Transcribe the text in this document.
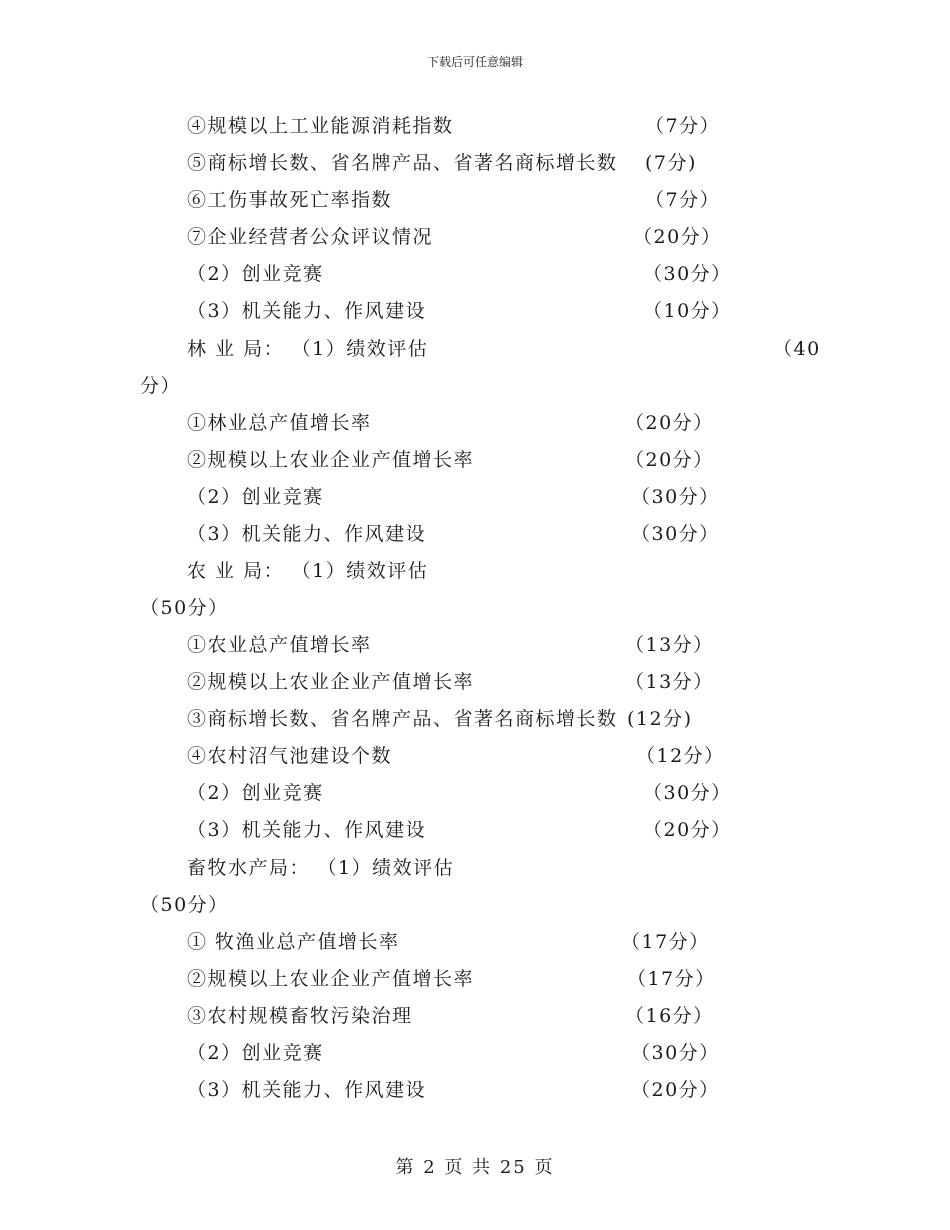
下载后可任意编辑
④规模以上工业能源消耗指数	（7分）
⑤商标增长数、省名牌产品、省著名商标增长数 (7分)
⑥工伤事故死亡率指数	（7分）
⑦企业经营者公众评议情况	（20分）
（2）创业竞赛	（30分）
（3）机关能力、作风建设	（10分）
林 业 局： （1）绩效评估	（40
分）
①林业总产值增长率	（20分）
②规模以上农业企业产值增长率	（20分）
（2）创业竞赛	（30分）
（3）机关能力、作风建设	（30分）
农 业 局： （1）绩效评估
（50分）
①农业总产值增长率	（13分）
②规模以上农业企业产值增长率	（13分）
③商标增长数、省名牌产品、省著名商标增长数 (12分)
④农村沼气池建设个数	（12分）
（2）创业竞赛	（30分）
（3）机关能力、作风建设	（20分）
畜牧水产局： （1）绩效评估
（50分）
① 牧渔业总产值增长率	（17分）
②规模以上农业企业产值增长率	（17分）
③农村规模畜牧污染治理	（16分）
（2）创业竞赛	（30分）
（3）机关能力、作风建设	（20分）
第 2 页 共 25 页
